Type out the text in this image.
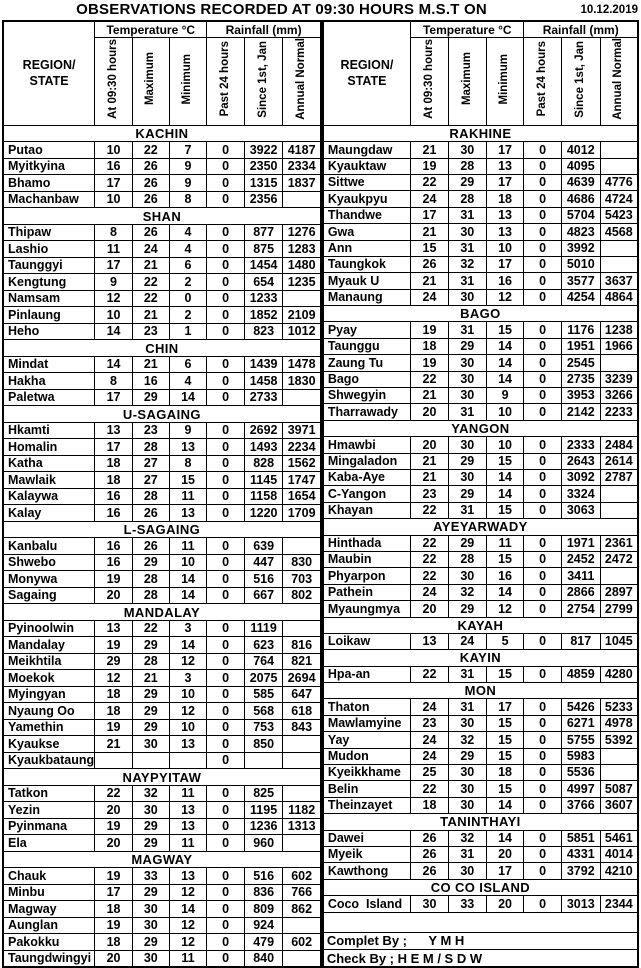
OBSERVATIONS RECORDED AT 09:30 HOURS M.S.T ON	10.12.2019
REGION/
STATE	Temperature °C			Rainfall (mm)		
	At 09:30 hours	Maximum	Minimum	Past 24 hours	Since 1st, Jan	Annual Normal
KACHIN						
Putao	10	22	7	0	3922	4187
Myitkyina	16	26	9	0	2350	2334
Bhamo	17	26	9	0	1315	1837
Machanbaw	10	26	8	0	2356	
SHAN						
Thipaw	8	26	4	0	877	1276
Lashio	11	24	4	0	875	1283
Taunggyi	17	21	6	0	1454	1480
Kengtung	9	22	2	0	654	1235
Namsam	12	22	0	0	1233	
Pinlaung	10	21	2	0	1852	2109
Heho	14	23	1	0	823	1012
CHIN						
Mindat	14	21	6	0	1439	1478
Hakha	8	16	4	0	1458	1830
Paletwa	17	29	14	0	2733	
U-SAGAING						
Hkamti	13	23	9	0	2692	3971
Homalin	17	28	13	0	1493	2234
Katha	18	27	8	0	828	1562
Mawlaik	18	27	15	0	1145	1747
Kalaywa	16	28	11	0	1158	1654
Kalay	16	26	13	0	1220	1709
L-SAGAING						
Kanbalu	16	26	11	0	639	
Shwebo	16	29	10	0	447	830
Monywa	19	28	14	0	516	703
Sagaing	20	28	14	0	667	802
MANDALAY						
Pyinoolwin	13	22	3	0	1119	
Mandalay	19	29	14	0	623	816
Meikhtila	29	28	12	0	764	821
Moekok	12	21	3	0	2075	2694
Myingyan	18	29	10	0	585	647
Nyaung Oo	18	29	12	0	568	618
Yamethin	19	29	10	0	753	843
Kyaukse	21	30	13	0	850	
Kyaukbataung				0		
NAYPYITAW						
Tatkon	22	32	11	0	825	
Yezin	20	30	13	0	1195	1182
Pyinmana	19	29	13	0	1236	1313
Ela	20	29	11	0	960	
MAGWAY						
Chauk	19	33	13	0	516	602
Minbu	17	29	12	0	836	766
Magway	18	30	14	0	809	862
Aunglan	19	30	12	0	924	
Pakokku	18	29	12	0	479	602
Taungdwingyi	20	30	11	0	840	
REGION/
STATE	Temperature °C			Rainfall (mm)		
	At 09:30 hours	Maximum	Minimum	Past 24 hours	Since 1st, Jan	Annual Normal
RAKHINE						
Maungdaw	21	30	17	0	4012	
Kyauktaw	19	28	13	0	4095	
Sittwe	22	29	17	0	4639	4776
Kyaukpyu	24	28	18	0	4686	4724
Thandwe	17	31	13	0	5704	5423
Gwa	21	30	13	0	4823	4568
Ann	15	31	10	0	3992	
Taungkok	26	32	17	0	5010	
Myauk U	21	31	16	0	3577	3637
Manaung	24	30	12	0	4254	4864
BAGO						
Pyay	19	31	15	0	1176	1238
Taunggu	18	29	14	0	1951	1966
Zaung Tu	19	30	14	0	2545	
Bago	22	30	14	0	2735	3239
Shwegyin	21	30	9	0	3953	3266
Tharrawady	20	31	10	0	2142	2233
YANGON						
Hmawbi	20	30	10	0	2333	2484
Mingaladon	21	29	15	0	2643	2614
Kaba-Aye	21	30	14	0	3092	2787
C-Yangon	23	29	14	0	3324	
Khayan	22	31	15	0	3063	
AYEYARWADY						
Hinthada	22	29	11	0	1971	2361
Maubin	22	28	15	0	2452	2472
Phyarpon	22	30	16	0	3411	
Pathein	24	32	14	0	2866	2897
Myaungmya	20	29	12	0	2754	2799
KAYAH						
Loikaw	13	24	5	0	817	1045
KAYIN						
Hpa-an	22	31	15	0	4859	4280
MON						
Thaton	24	31	17	0	5426	5233
Mawlamyine	23	30	15	0	6271	4978
Yay	24	32	15	0	5755	5392
Mudon	24	29	15	0	5983	
Kyeikkhame	25	30	18	0	5536	
Belin	22	30	15	0	4997	5087
Theinzayet	18	30	14	0	3766	3607
TANINTHAYI						
Dawei	26	32	14	0	5851	5461
Myeik	26	31	20	0	4331	4014
Kawthong	26	30	17	0	3792	4210
CO CO ISLAND						
Coco  Island	30	33	20	0	3013	2344

Complet By ;      Y M H						
Check By ; H E M / S D W						
